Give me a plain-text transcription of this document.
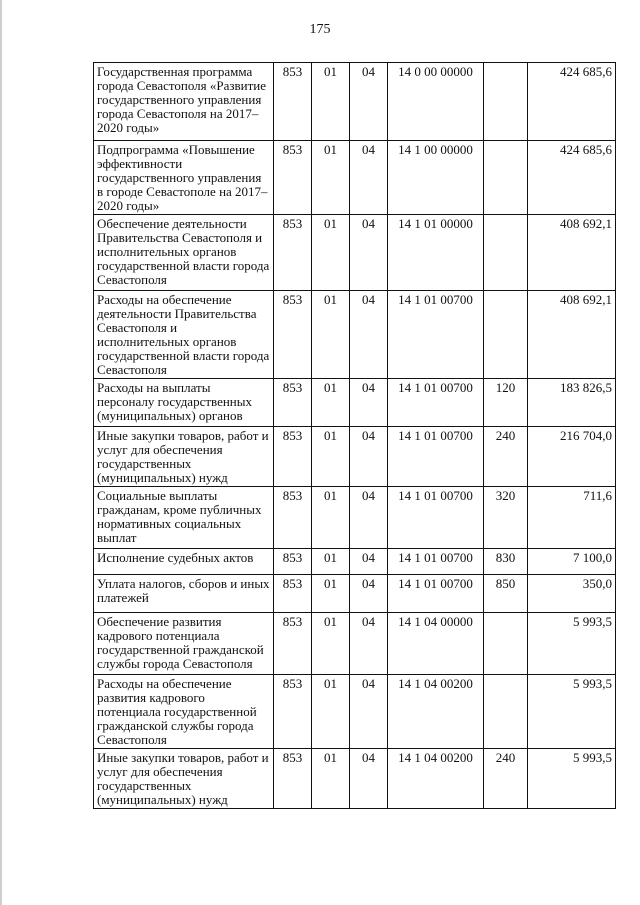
175
Государственная программа города Севастополя «Развитие государственного управления города Севастополя на 2017–2020 годы»	853	01	04	14 0 00 00000		424 685,6
Подпрограмма «Повышение эффективности государственного управления в городе Севастополе на 2017–2020 годы»	853	01	04	14 1 00 00000		424 685,6
Обеспечение деятельности Правительства Севастополя и исполнительных органов государственной власти города Севастополя	853	01	04	14 1 01 00000		408 692,1
Расходы на обеспечение деятельности Правительства Севастополя и исполнительных органов государственной власти города Севастополя	853	01	04	14 1 01 00700		408 692,1
Расходы на выплаты персоналу государственных (муниципальных) органов	853	01	04	14 1 01 00700	120	183 826,5
Иные закупки товаров, работ и услуг для обеспечения государственных (муниципальных) нужд	853	01	04	14 1 01 00700	240	216 704,0
Социальные выплаты гражданам, кроме публичных нормативных социальных выплат	853	01	04	14 1 01 00700	320	711,6
Исполнение судебных актов	853	01	04	14 1 01 00700	830	7 100,0
Уплата налогов, сборов и иных платежей	853	01	04	14 1 01 00700	850	350,0
Обеспечение развития кадрового потенциала государственной гражданской службы города Севастополя	853	01	04	14 1 04 00000		5 993,5
Расходы на обеспечение развития кадрового потенциала государственной гражданской службы города Севастополя	853	01	04	14 1 04 00200		5 993,5
Иные закупки товаров, работ и услуг для обеспечения государственных (муниципальных) нужд	853	01	04	14 1 04 00200	240	5 993,5
